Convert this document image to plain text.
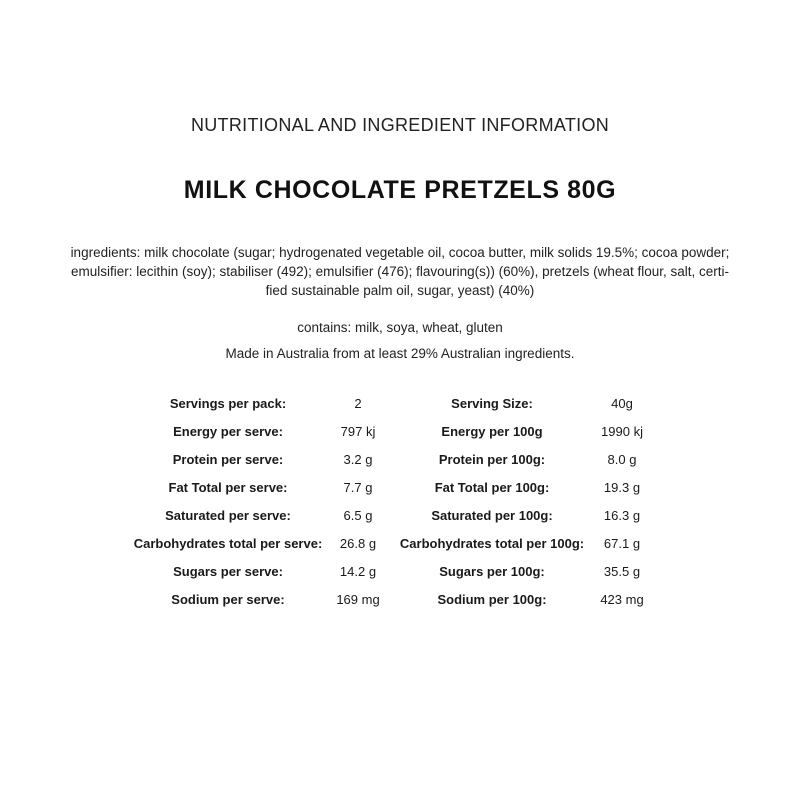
NUTRITIONAL AND INGREDIENT INFORMATION
MILK CHOCOLATE PRETZELS 80G
ingredients: milk chocolate (sugar; hydrogenated vegetable oil, cocoa butter, milk solids 19.5%; cocoa powder;
emulsifier: lecithin (soy); stabiliser (492); emulsifier (476); flavouring(s)) (60%), pretzels (wheat flour, salt, certi-
fied sustainable palm oil, sugar, yeast) (40%)
contains: milk, soya, wheat, gluten
Made in Australia from at least 29% Australian ingredients.
Servings per pack:	2	Serving Size:	40g
Energy per serve:	797 kj	Energy per 100g	1990 kj
Protein per serve:	3.2 g	Protein per 100g:	8.0 g
Fat Total per serve:	7.7 g	Fat Total per 100g:	19.3 g
Saturated per serve:	6.5 g	Saturated per 100g:	16.3 g
Carbohydrates total per serve:	26.8 g	Carbohydrates total per 100g:	67.1 g
Sugars per serve:	14.2 g	Sugars per 100g:	35.5 g
Sodium per serve:	169 mg	Sodium per 100g:	423 mg
